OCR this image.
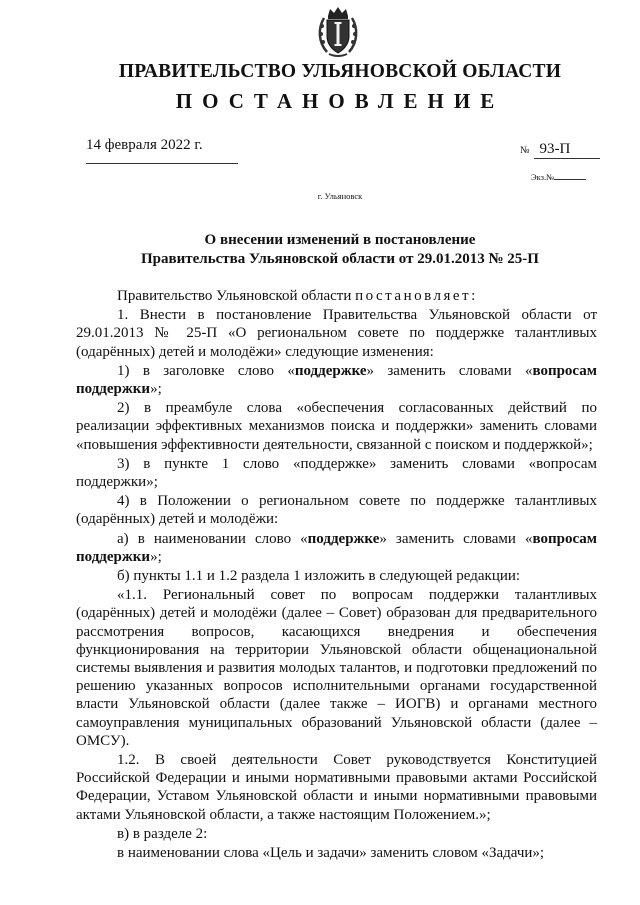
ПРАВИТЕЛЬСТВО УЛЬЯНОВСКОЙ ОБЛАСТИ
ПОСТАНОВЛЕНИЕ
14 февраля 2022 г.	№ 93-П
Экз.№
г. Ульяновск
О внесении изменений в постановление
Правительства Ульяновской области от 29.01.2013 № 25-П

Правительство Ульяновской области постановляет:

1. Внести в постановление Правительства Ульяновской области от 29.01.2013 № 25-П «О региональном совете по поддержке талантливых (одарённых) детей и молодёжи» следующие изменения:

1) в заголовке слово «поддержке» заменить словами «вопросам поддержки»;

2) в преамбуле слова «обеспечения согласованных действий по реализации эффективных механизмов поиска и поддержки» заменить словами «повышения эффективности деятельности, связанной с поиском и поддержкой»;

3) в пункте 1 слово «поддержке» заменить словами «вопросам поддержки»;

4) в Положении о региональном совете по поддержке талантливых (одарённых) детей и молодёжи:

а) в наименовании слово «поддержке» заменить словами «вопросам поддержки»;

б) пункты 1.1 и 1.2 раздела 1 изложить в следующей редакции:

«1.1. Региональный совет по вопросам поддержки талантливых (одарённых) детей и молодёжи (далее – Совет) образован для предварительного рассмотрения вопросов, касающихся внедрения и обеспечения функционирования на территории Ульяновской области общенациональной системы выявления и развития молодых талантов, и подготовки предложений по решению указанных вопросов исполнительными органами государственной власти Ульяновской области (далее также – ИОГВ) и органами местного самоуправления муниципальных образований Ульяновской области (далее – ОМСУ).

1.2. В своей деятельности Совет руководствуется Конституцией Российской Федерации и иными нормативными правовыми актами Российской Федерации, Уставом Ульяновской области и иными нормативными правовыми актами Ульяновской области, а также настоящим Положением.»;

в) в разделе 2:

в наименовании слова «Цель и задачи» заменить словом «Задачи»;
